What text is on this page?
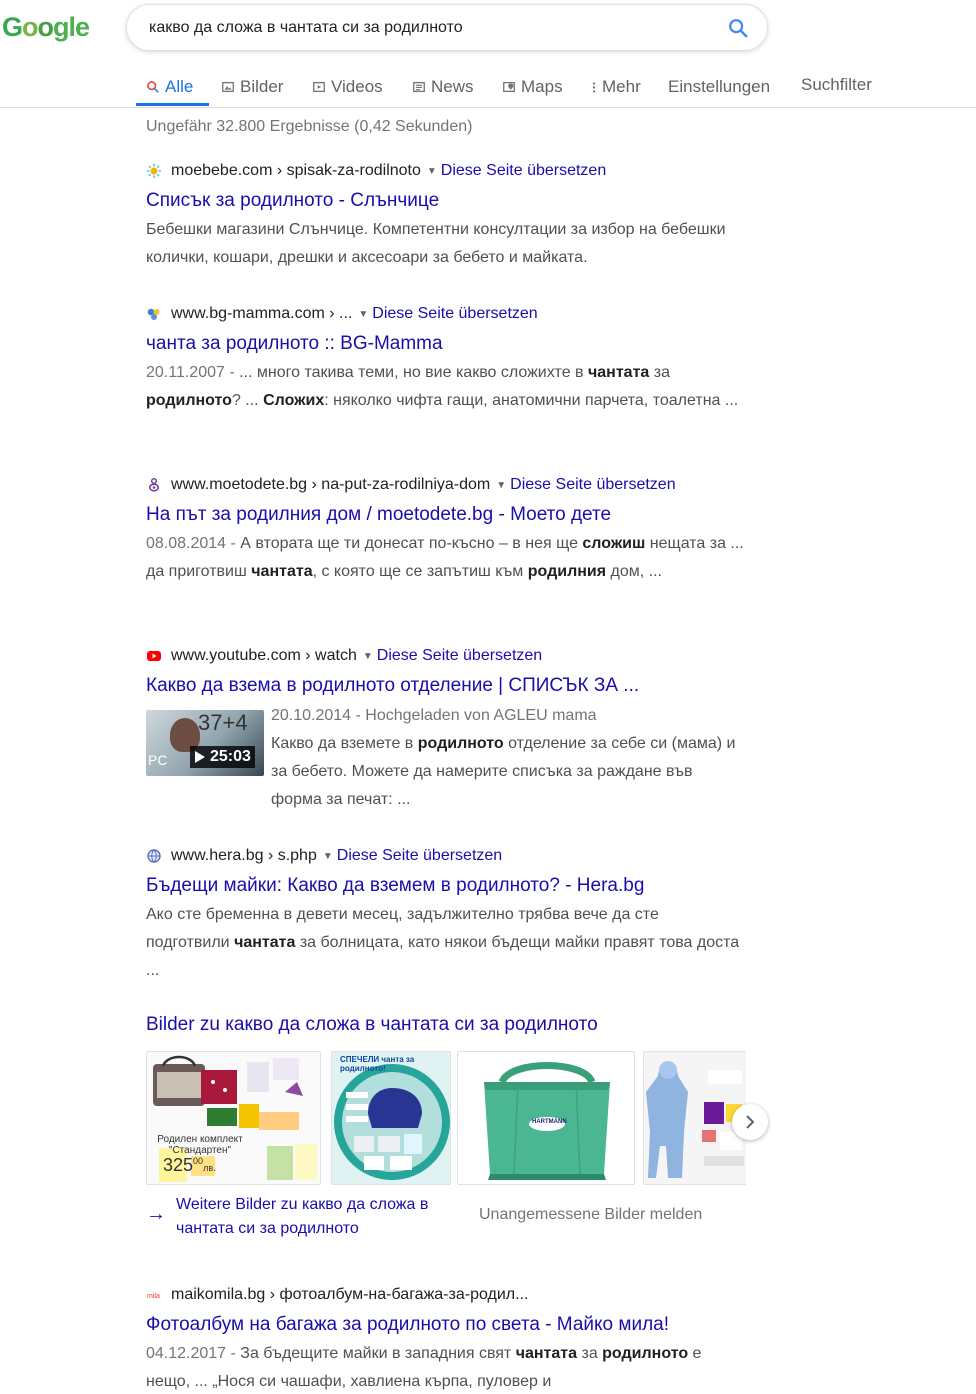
Google	какво да сложа в чантата си за родилното
Alle	Bilder	Videos	News	Maps Mehr Einstellungen Suchfilter
Ungefähr 32.800 Ergebnisse (0,42 Sekunden)
moebebe.com › spisak-za-rodilnoto ▼ Diese Seite übersetzen
Списък за родилното - Слънчице
Бебешки магазини Слънчице. Компетентни консултации за избор на бебешки колички, кошари, дрешки и аксесоари за бебето и майката.
www.bg-mamma.com › ... ▼ Diese Seite übersetzen
чанта за родилното :: BG-Mamma
20.11.2007 - ... много такива теми, но вие какво сложихте в чантата за родилното? ... Сложих: няколко чифта гащи, анатомични парчета, тоалетна ...
www.moetodete.bg › na-put-za-rodilniya-dom ▼ Diese Seite übersetzen
На път за родилния дом / moetodete.bg - Моето дете
08.08.2014 - А втората ще ти донесат по-късно – в нея ще сложиш нещата за ... да приготвиш чантата, с която ще се запътиш към родилния дом, ...
www.youtube.com › watch ▼ Diese Seite übersetzen
Какво да взема в родилното отделение | СПИСЪК ЗА ...
37+4
PC	25:03
20.10.2014 - Hochgeladen von AGLEU mama
Какво да вземете в родилното отделение за себе си (мама) и за бебето. Можете да намерите списъка за раждане във форма за печат: ...
www.hera.bg › s.php ▼ Diese Seite übersetzen
Бъдещи майки: Какво да вземем в родилното? - Hera.bg
Ако сте бременна в девети месец, задължително трябва вече да сте подготвили чантата за болницата, като някои бъдещи майки правят това доста ...
Bilder zu какво да сложа в чантата си за родилното
Родилен комплект "Стандартен"
$325^{00}лв$.
СПЕЧЕЛИ чанта за родилното!
HARTMANN
→ Weitere Bilder zu какво да сложа в чантата си за родилното
Unangemessene Bilder melden
mila maikomila.bg › фотоалбум-на-багажа-за-родил...
Фотоалбум на багажа за родилното по света - Майко мила!
04.12.2017 - За бъдещите майки в западния свят чантата за родилното е нещо, ... „Нося си чашафи, хавлиена кърпа, пуловер и
